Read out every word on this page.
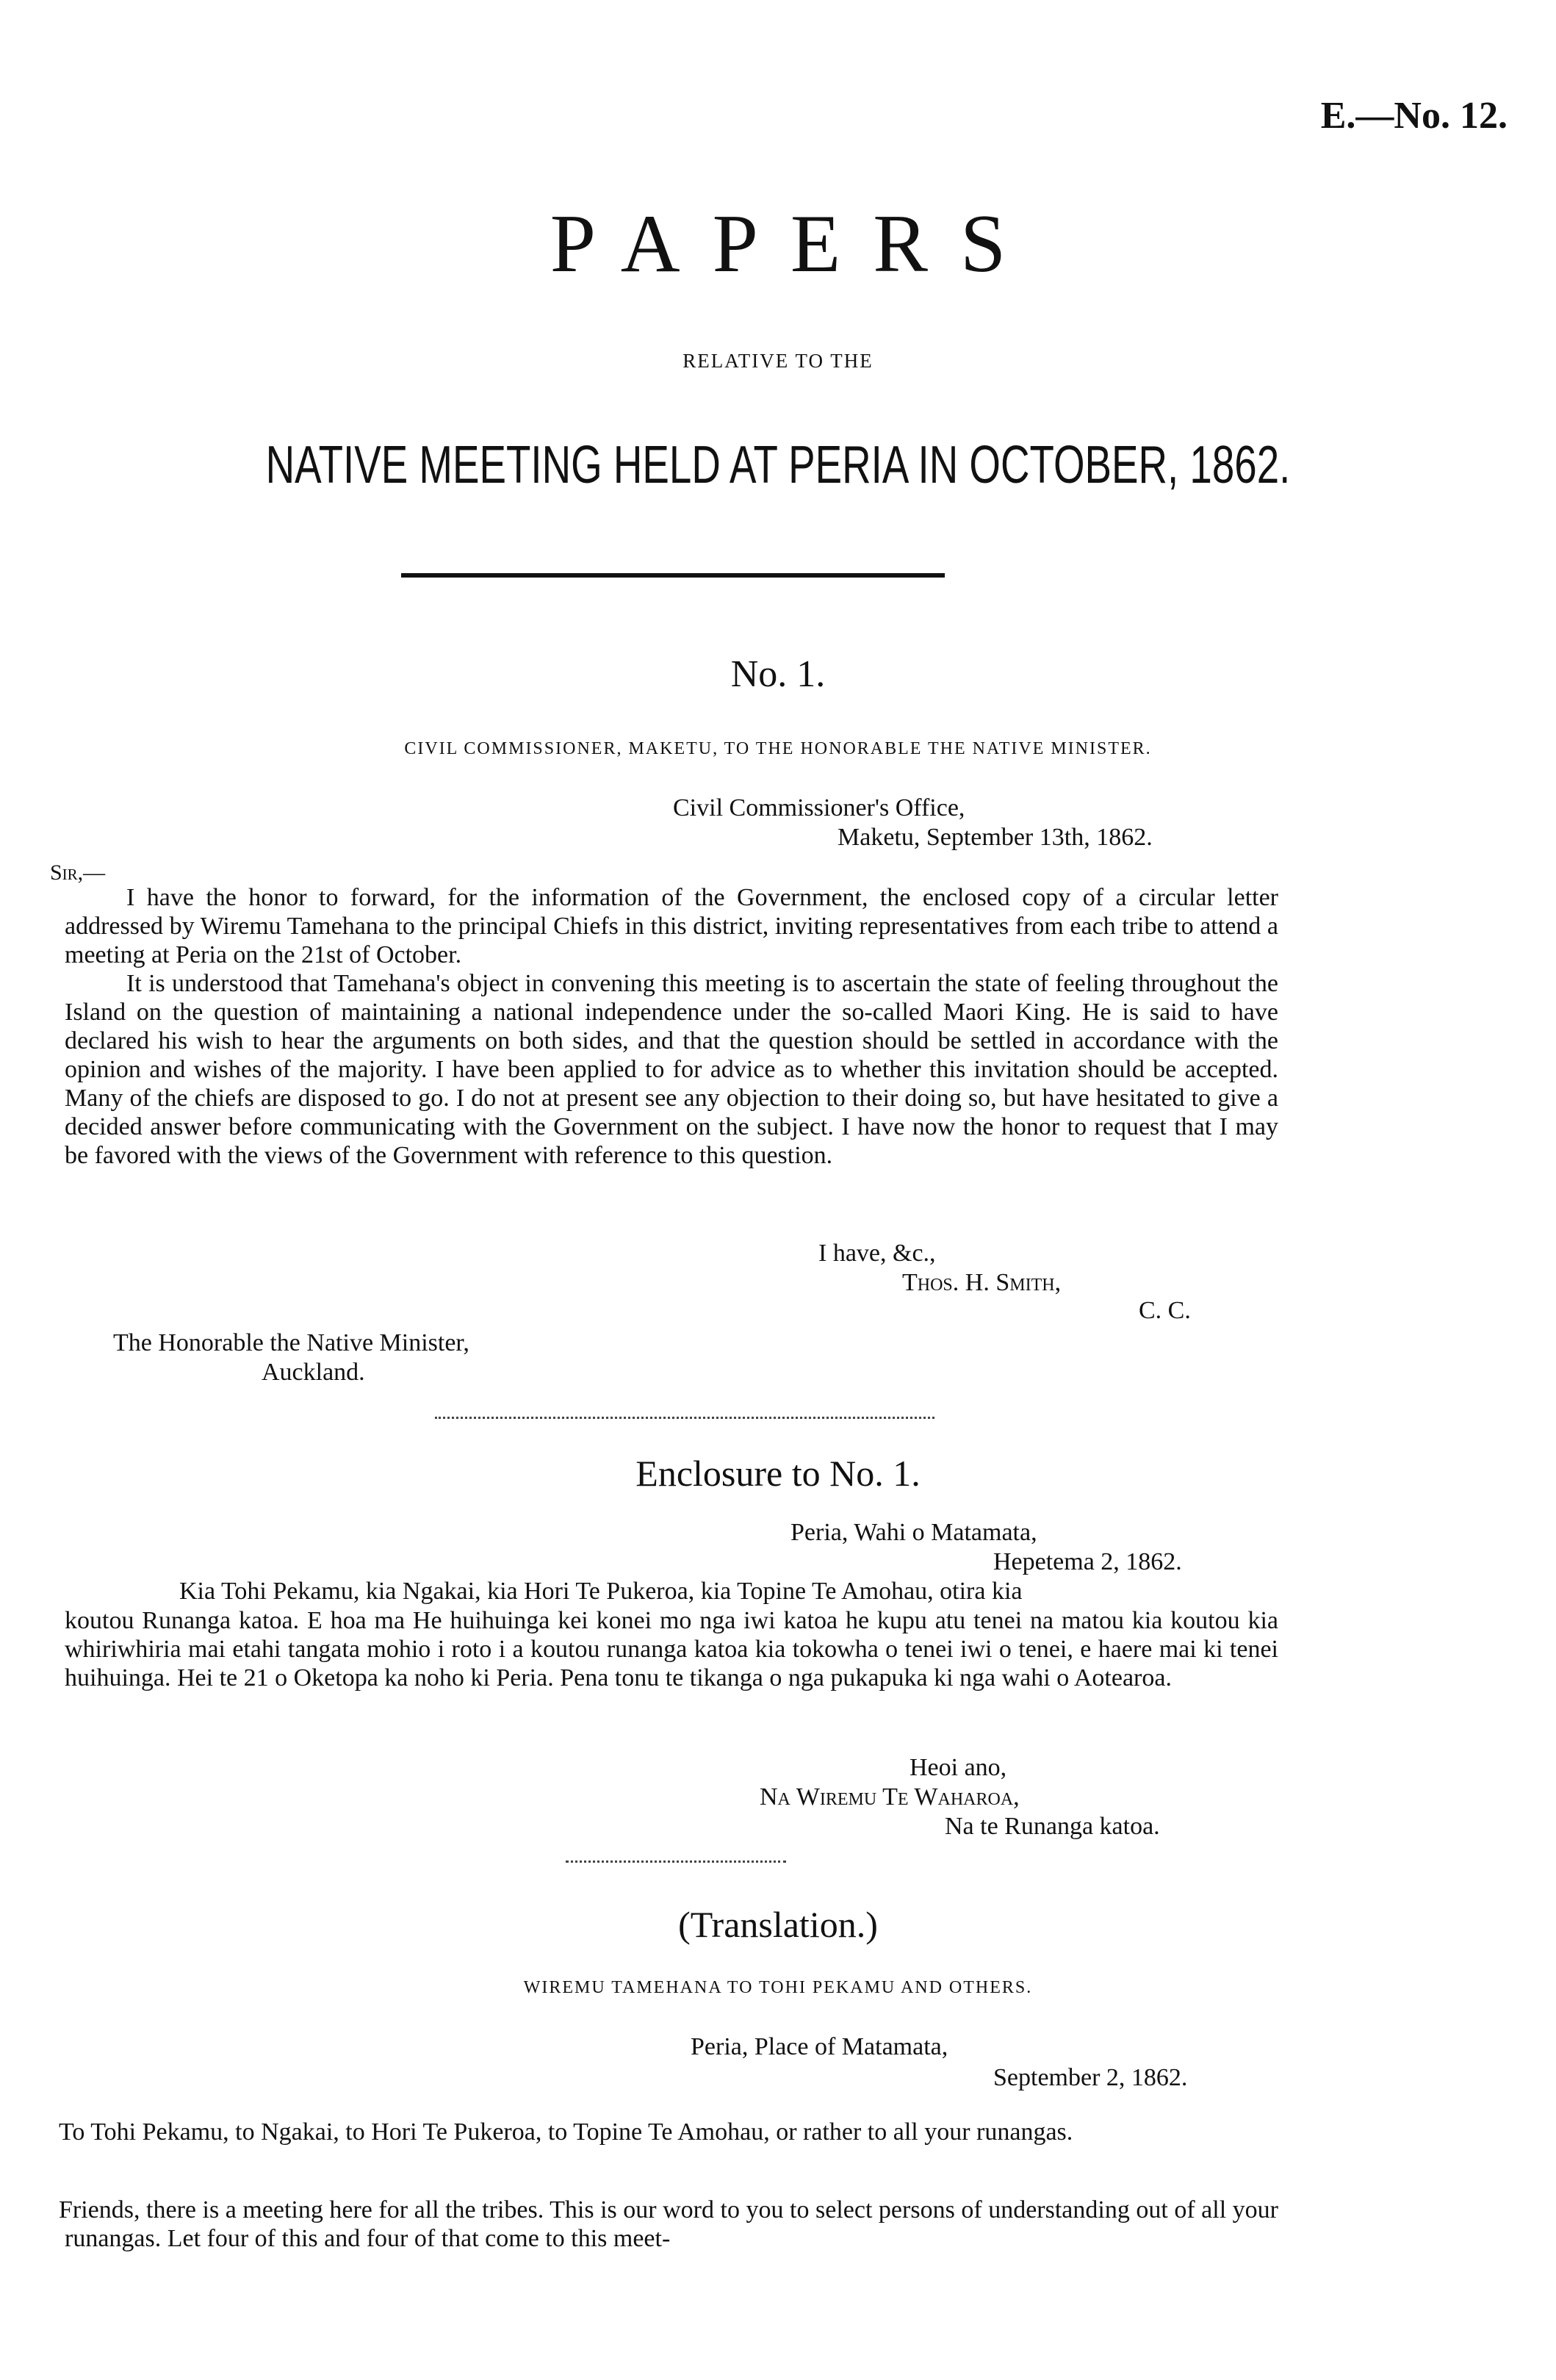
E.—No. 12.
PAPERS
RELATIVE TO THE
NATIVE MEETING HELD AT PERIA IN OCTOBER, 1862.
No. 1.
CIVIL COMMISSIONER, MAKETU, TO THE HONORABLE THE NATIVE MINISTER.
Civil Commissioner's Office,
Maketu, September 13th, 1862.
Sir,—
I have the honor to forward, for the information of the Government, the enclosed copy of a circular letter addressed by Wiremu Tamehana to the principal Chiefs in this district, inviting representatives from each tribe to attend a meeting at Peria on the 21st of October.
It is understood that Tamehana's object in convening this meeting is to ascertain the state of feeling throughout the Island on the question of maintaining a national independence under the so-called Maori King. He is said to have declared his wish to hear the arguments on both sides, and that the question should be settled in accordance with the opinion and wishes of the majority. I have been applied to for advice as to whether this invitation should be accepted. Many of the chiefs are disposed to go. I do not at present see any objection to their doing so, but have hesitated to give a decided answer before communicating with the Government on the subject. I have now the honor to request that I may be favored with the views of the Government with reference to this question.
I have, &c.,
Thos. H. Smith,
C. C.
The Honorable the Native Minister,
Auckland.
Enclosure to No. 1.
Peria, Wahi o Matamata,
Hepetema 2, 1862.
Kia Tohi Pekamu, kia Ngakai, kia Hori Te Pukeroa, kia Topine Te Amohau, otira kia
koutou Runanga katoa. E hoa ma He huihuinga kei konei mo nga iwi katoa he kupu atu tenei na matou kia koutou kia whiriwhiria mai etahi tangata mohio i roto i a koutou runanga katoa kia tokowha o tenei iwi o tenei, e haere mai ki tenei huihuinga. Hei te 21 o Oketopa ka noho ki Peria. Pena tonu te tikanga o nga pukapuka ki nga wahi o Aotearoa.
Heoi ano,
Na Wiremu Te Waharoa,
Na te Runanga katoa.
(Translation.)
WIREMU TAMEHANA TO TOHI PEKAMU AND OTHERS.
Peria, Place of Matamata,
September 2, 1862.
To Tohi Pekamu, to Ngakai, to Hori Te Pukeroa, to Topine Te Amohau, or rather to all your runangas.
Friends, there is a meeting here for all the tribes. This is our word to you to select persons of understanding out of all your runangas. Let four of this and four of that come to this meet-
